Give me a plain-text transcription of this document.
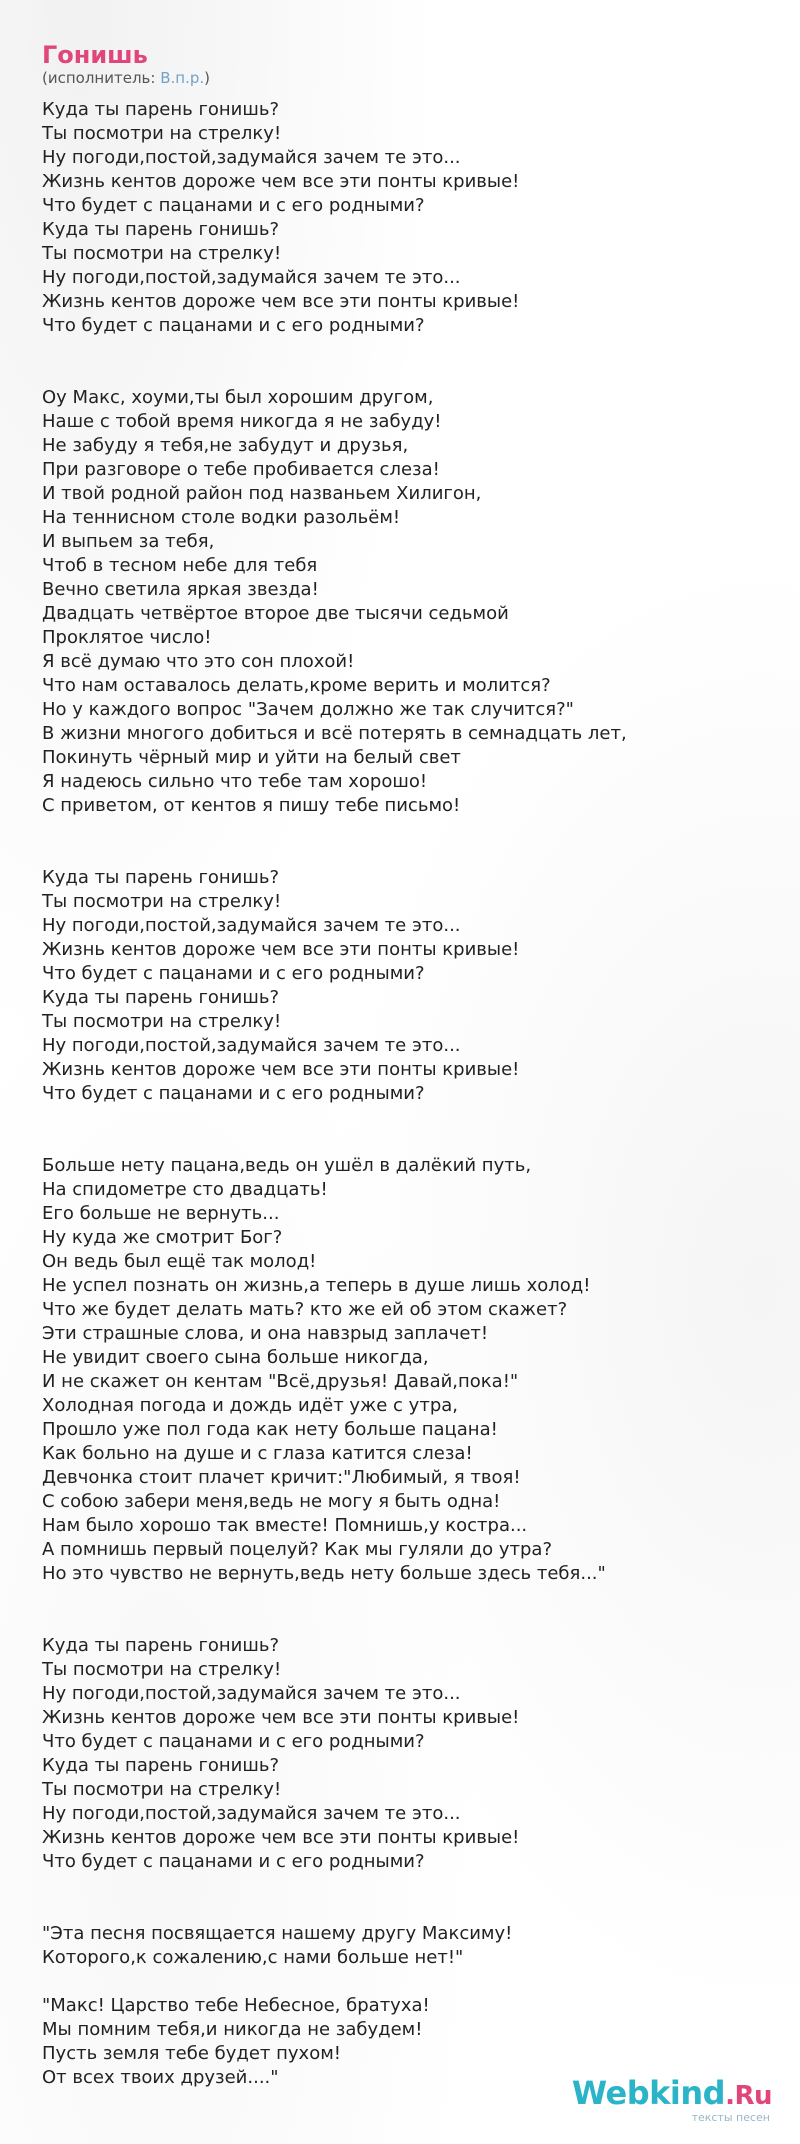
Гонишь
(исполнитель: В.п.р.)
Куда ты парень гонишь?
Ты посмотри на стрелку!
Ну погоди,постой,задумайся зачем те это...
Жизнь кентов дороже чем все эти понты кривые!
Что будет с пацанами и с его родными?
Куда ты парень гонишь?
Ты посмотри на стрелку!
Ну погоди,постой,задумайся зачем те это...
Жизнь кентов дороже чем все эти понты кривые!
Что будет с пацанами и с его родными?
Оу Макс, хоуми,ты был хорошим другом,
Наше с тобой время никогда я не забуду!
Не забуду я тебя,не забудут и друзья,
При разговоре о тебе пробивается слеза!
И твой родной район под названьем Хилигон,
На теннисном столе водки разольём!
И выпьем за тебя,
Чтоб в тесном небе для тебя
Вечно светила яркая звезда!
Двадцать четвёртое второе две тысячи седьмой
Проклятое число!
Я всё думаю что это сон плохой!
Что нам оставалось делать,кроме верить и молится?
Но у каждого вопрос "Зачем должно же так случится?"
В жизни многого добиться и всё потерять в семнадцать лет,
Покинуть чёрный мир и уйти на белый свет
Я надеюсь сильно что тебе там хорошо!
С приветом, от кентов я пишу тебе письмо!
Куда ты парень гонишь?
Ты посмотри на стрелку!
Ну погоди,постой,задумайся зачем те это...
Жизнь кентов дороже чем все эти понты кривые!
Что будет с пацанами и с его родными?
Куда ты парень гонишь?
Ты посмотри на стрелку!
Ну погоди,постой,задумайся зачем те это...
Жизнь кентов дороже чем все эти понты кривые!
Что будет с пацанами и с его родными?
Больше нету пацана,ведь он ушёл в далёкий путь,
На спидометре сто двадцать!
Его больше не вернуть...
Ну куда же смотрит Бог?
Он ведь был ещё так молод!
Не успел познать он жизнь,а теперь в душе лишь холод!
Что же будет делать мать? кто же ей об этом скажет?
Эти страшные слова, и она навзрыд заплачет!
Не увидит своего сына больше никогда,
И не скажет он кентам "Всё,друзья! Давай,пока!"
Холодная погода и дождь идёт уже с утра,
Прошло уже пол года как нету больше пацана!
Как больно на душе и с глаза катится слеза!
Девчонка стоит плачет кричит:"Любимый, я твоя!
С собою забери меня,ведь не могу я быть одна!
Нам было хорошо так вместе! Помнишь,у костра...
А помнишь первый поцелуй? Как мы гуляли до утра?
Но это чувство не вернуть,ведь нету больше здесь тебя..."
Куда ты парень гонишь?
Ты посмотри на стрелку!
Ну погоди,постой,задумайся зачем те это...
Жизнь кентов дороже чем все эти понты кривые!
Что будет с пацанами и с его родными?
Куда ты парень гонишь?
Ты посмотри на стрелку!
Ну погоди,постой,задумайся зачем те это...
Жизнь кентов дороже чем все эти понты кривые!
Что будет с пацанами и с его родными?
"Эта песня посвящается нашему другу Максиму!
Которого,к сожалению,с нами больше нет!"
"Макс! Царство тебе Небесное, братуха!
Мы помним тебя,и никогда не забудем!
Пусть земля тебе будет пухом!
От всех твоих друзей...."	Webkind.Ru
тексты песен
